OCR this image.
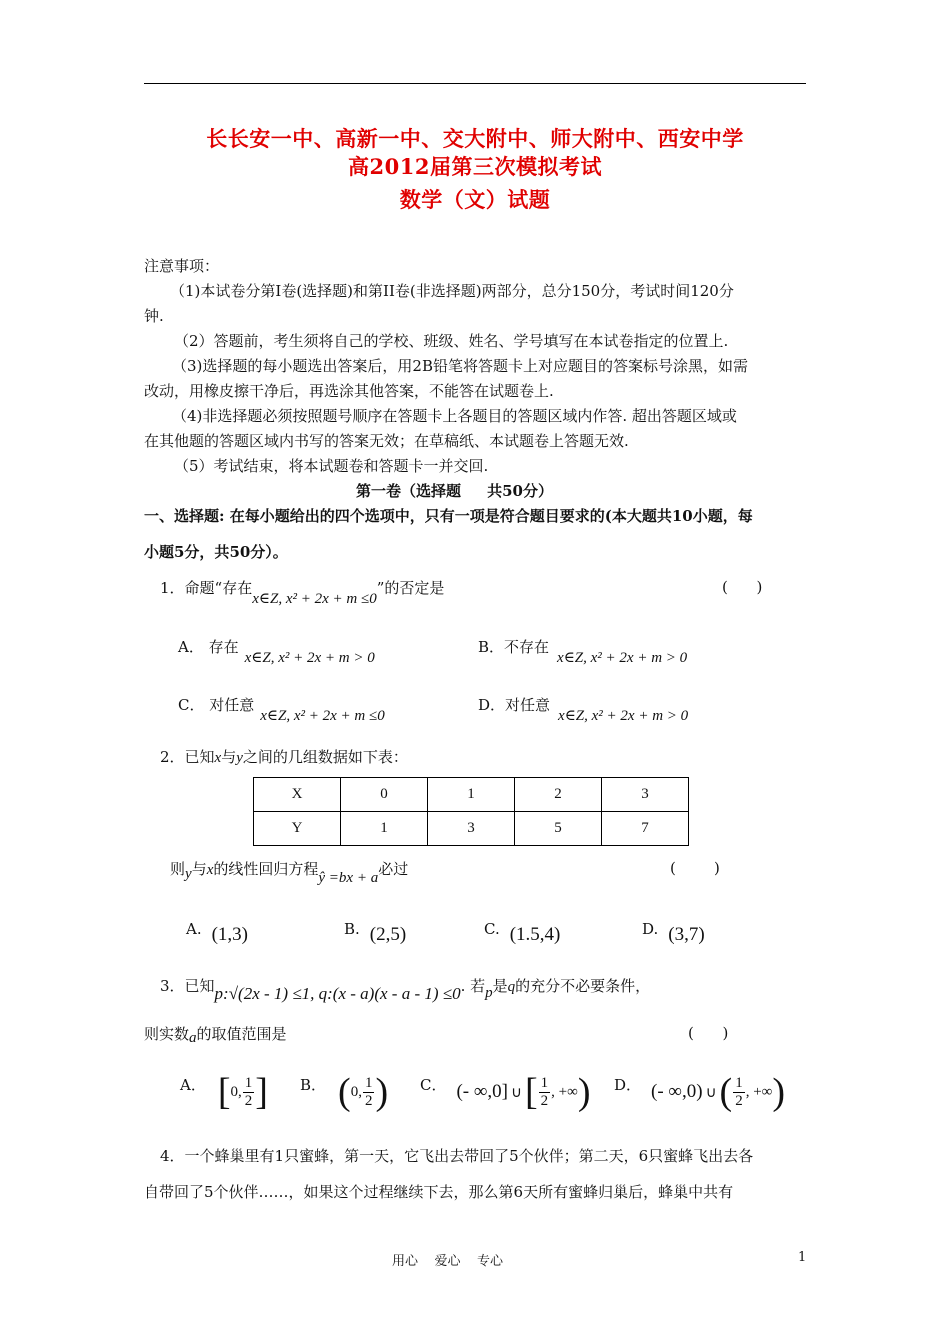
长长安一中、高新一中、交大附中、师大附中、西安中学
高2012届第三次模拟考试
数学（文）试题
注意事项：
（1)本试卷分第I卷(选择题)和第II卷(非选择题)两部分，总分150分，考试时间120分
钟.
（2）答题前，考生须将自己的学校、班级、姓名、学号填写在本试卷指定的位置上.
（3)选择题的每小题选出答案后，用2B铅笔将答题卡上对应题目的答案标号涂黑，如需
改动，用橡皮擦干净后，再选涂其他答案，不能答在试题卷上.
（4)非选择题必须按照题号顺序在答题卡上各题目的答题区域内作答. 超出答题区域或
在其他题的答题区域内书写的答案无效；在草稿纸、本试题卷上答题无效.
（5）考试结束，将本试题卷和答题卡一并交回.
第一卷（选择题     共50分）
一、选择题: 在每小题给出的四个选项中，只有一项是符合题目要求的(本大题共10小题，每
小题5分，共50分）。
1．命题“存在x∈Z, x² + 2x + m ≤0”的否定是	(      )
A． 存在x∈Z, x² + 2x + m > 0
B．不存在x∈Z, x² + 2x + m > 0
C． 对任意x∈Z, x² + 2x + m ≤0
D．对任意x∈Z, x² + 2x + m > 0
2．已知x与y之间的几组数据如下表：
X	0	1	2	3
Y	1	3	5	7
则y与x的线性回归方程ŷ =bx + a必过	(        )
A. (1,3)	B. (2,5)	C. (1.5,4)	D. (3,7)
3．已知p:√(2x - 1) ≤1, q:(x - a)(x - a - 1) ≤0. 若p是q的充分不必要条件，
则实数a的取值范围是	(      )
A． [ 0 , $\frac{1}{2}$ ] B． ( 0 , $\frac{1}{2}$ ) C． (- ∞,0] ∪ [ $\frac{1}{2}$ , +∞ ) D． (- ∞,0) ∪ ( $\frac{1}{2}$ , +∞ )
4．一个蜂巢里有1只蜜蜂，第一天，它飞出去带回了5个伙伴；第二天，6只蜜蜂飞出去各
自带回了5个伙伴……，如果这个过程继续下去，那么第6天所有蜜蜂归巢后，蜂巢中共有
用心    爱心    专心	1
